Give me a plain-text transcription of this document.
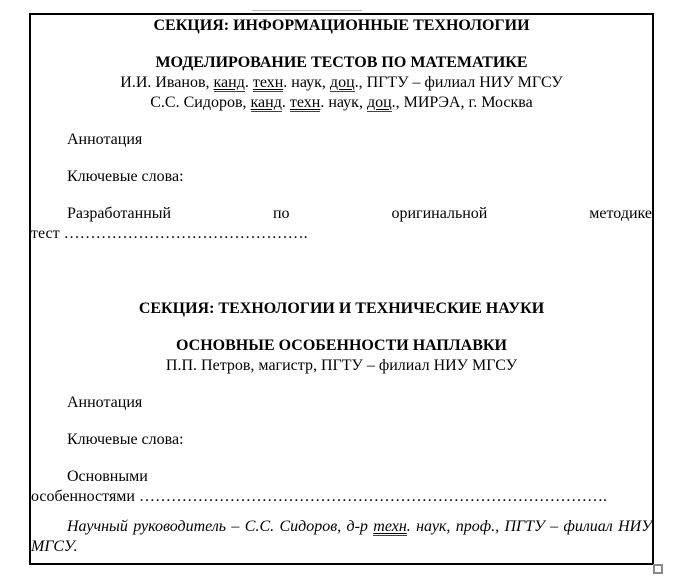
СЕКЦИЯ: ИНФОРМАЦИОННЫЕ ТЕХНОЛОГИИ
МОДЕЛИРОВАНИЕ ТЕСТОВ ПО МАТЕМАТИКЕ
И.И. Иванов, канд. техн. наук, доц., ПГТУ – филиал НИУ МГСУ
С.С. Сидоров, канд. техн. наук, доц., МИРЭА, г. Москва
Аннотация
Ключевые слова:
Разработанный по оригинальной методике
тест ……………………………………….
СЕКЦИЯ: ТЕХНОЛОГИИ И ТЕХНИЧЕСКИЕ НАУКИ
ОСНОВНЫЕ ОСОБЕННОСТИ НАПЛАВКИ
П.П. Петров, магистр, ПГТУ – филиал НИУ МГСУ
Аннотация
Ключевые слова:
Основными
особенностями …………………………………………………………………………….
Научный руководитель – С.С. Сидоров, д-р техн. наук, проф., ПГТУ – филиал НИУ
МГСУ.
